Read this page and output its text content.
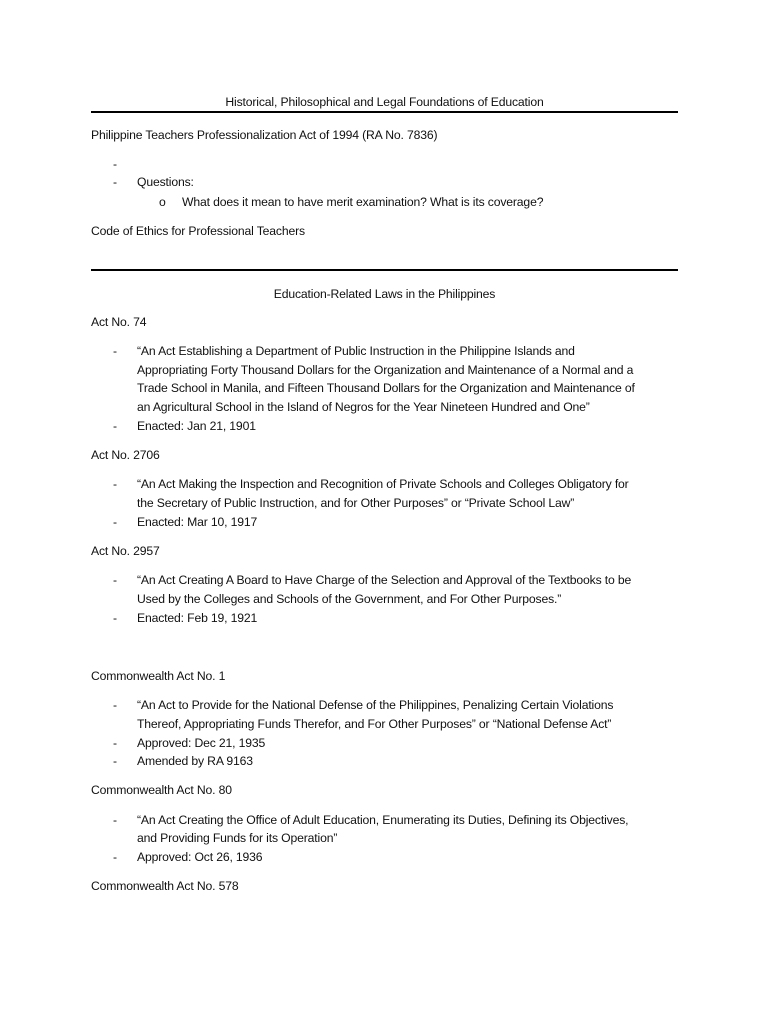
Historical, Philosophical and Legal Foundations of Education
Philippine Teachers Professionalization Act of 1994 (RA No. 7836)
-
- Questions:
o What does it mean to have merit examination? What is its coverage?
Code of Ethics for Professional Teachers
Education-Related Laws in the Philippines
Act No. 74
- “An Act Establishing a Department of Public Instruction in the Philippine Islands and
Appropriating Forty Thousand Dollars for the Organization and Maintenance of a Normal and a
Trade School in Manila, and Fifteen Thousand Dollars for the Organization and Maintenance of
an Agricultural School in the Island of Negros for the Year Nineteen Hundred and One”
- Enacted: Jan 21, 1901
Act No. 2706
- “An Act Making the Inspection and Recognition of Private Schools and Colleges Obligatory for
the Secretary of Public Instruction, and for Other Purposes” or “Private School Law”
- Enacted: Mar 10, 1917
Act No. 2957
- “An Act Creating A Board to Have Charge of the Selection and Approval of the Textbooks to be
Used by the Colleges and Schools of the Government, and For Other Purposes.”
- Enacted: Feb 19, 1921
Commonwealth Act No. 1
- “An Act to Provide for the National Defense of the Philippines, Penalizing Certain Violations
Thereof, Appropriating Funds Therefor, and For Other Purposes” or “National Defense Act”
- Approved: Dec 21, 1935
- Amended by RA 9163
Commonwealth Act No. 80
- “An Act Creating the Office of Adult Education, Enumerating its Duties, Defining its Objectives,
and Providing Funds for its Operation”
- Approved: Oct 26, 1936
Commonwealth Act No. 578
